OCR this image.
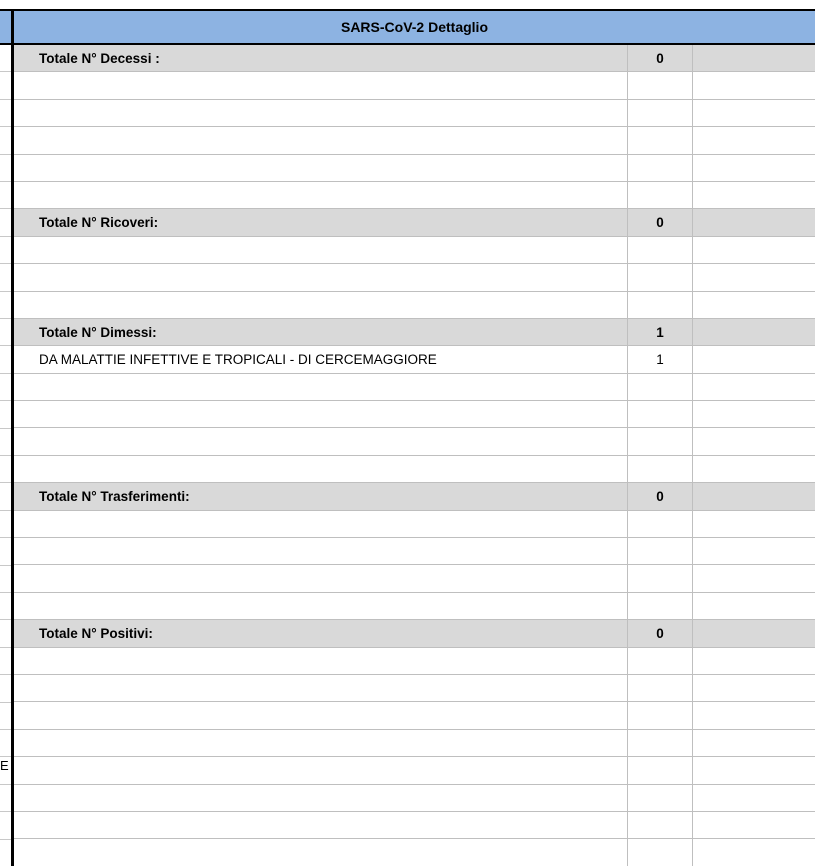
E
SARS-CoV-2 Dettaglio
Totale N° Decessi :	0
Totale N° Ricoveri:	0
Totale N° Dimessi:	1
DA MALATTIE INFETTIVE E TROPICALI - DI CERCEMAGGIORE	1
Totale N° Trasferimenti:	0
Totale N° Positivi:	0
